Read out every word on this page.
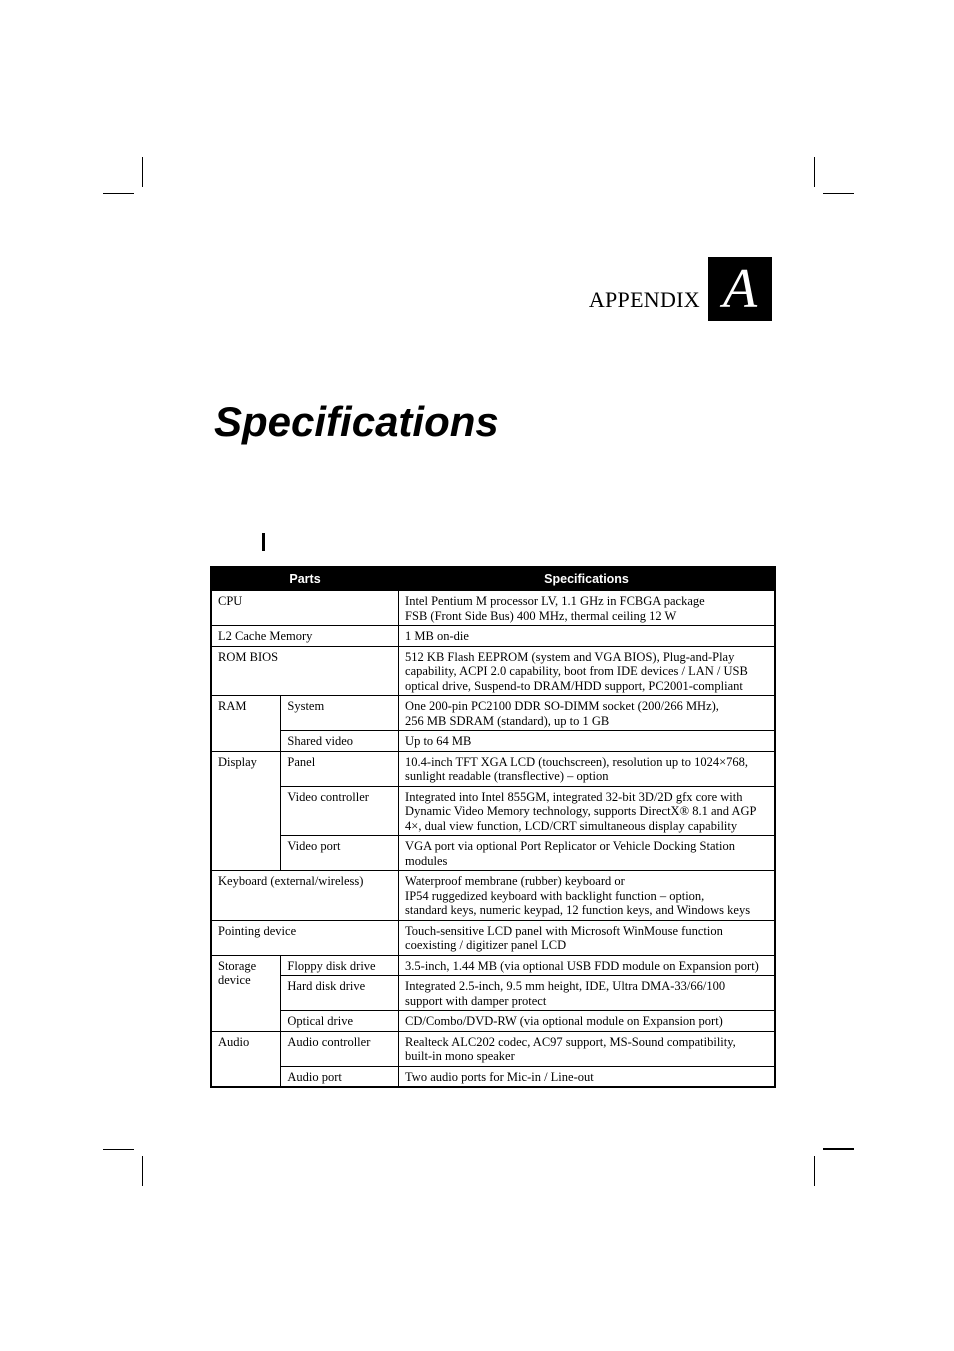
APPENDIX A
Specifications
Parts		Specifications
CPU		Intel Pentium M processor LV, 1.1 GHz in FCBGA package
FSB (Front Side Bus) 400 MHz, thermal ceiling 12 W
L2 Cache Memory		1 MB on-die
ROM BIOS		512 KB Flash EEPROM (system and VGA BIOS), Plug-and-Play
capability, ACPI 2.0 capability, boot from IDE devices / LAN / USB
optical drive, Suspend-to DRAM/HDD support, PC2001-compliant
RAM	System	One 200-pin PC2100 DDR SO-DIMM socket (200/266 MHz),
256 MB SDRAM (standard), up to 1 GB
	Shared video	Up to 64 MB
Display	Panel	10.4-inch TFT XGA LCD (touchscreen), resolution up to 1024×768,
sunlight readable (transflective) – option
	Video controller	Integrated into Intel 855GM, integrated 32-bit 3D/2D gfx core with
Dynamic Video Memory technology, supports DirectX® 8.1 and AGP
4×, dual view function, LCD/CRT simultaneous display capability
	Video port	VGA port via optional Port Replicator or Vehicle Docking Station
modules
Keyboard (external/wireless)		Waterproof membrane (rubber) keyboard or
IP54 ruggedized keyboard with backlight function – option,
standard keys, numeric keypad, 12 function keys, and Windows keys
Pointing device		Touch-sensitive LCD panel with Microsoft WinMouse function
coexisting / digitizer panel LCD
Storage
device	Floppy disk drive	3.5-inch, 1.44 MB (via optional USB FDD module on Expansion port)
	Hard disk drive	Integrated 2.5-inch, 9.5 mm height, IDE, Ultra DMA-33/66/100
support with damper protect
	Optical drive	CD/Combo/DVD-RW (via optional module on Expansion port)
Audio	Audio controller	Realteck ALC202 codec, AC97 support, MS-Sound compatibility,
built-in mono speaker
	Audio port	Two audio ports for Mic-in / Line-out
